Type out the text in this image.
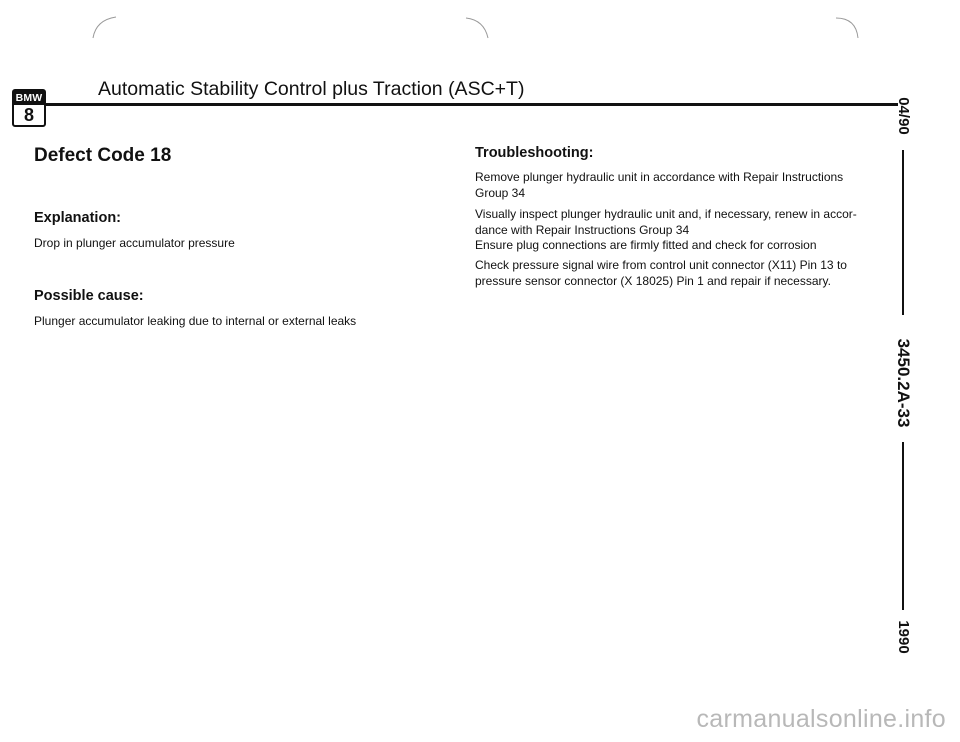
BMW
8
Automatic Stability Control plus Traction (ASC+T)
Defect Code 18
Explanation:
Drop in plunger accumulator pressure
Possible cause:
Plunger accumulator leaking due to internal or external leaks
Troubleshooting:
Remove plunger hydraulic unit in accordance with Repair Instructions
Group 34
Visually inspect plunger hydraulic unit and, if necessary, renew in accor-
dance with Repair Instructions Group 34
Ensure plug connections are firmly fitted and check for corrosion
Check pressure signal wire from control unit connector (X11) Pin 13 to
pressure sensor connector (X 18025) Pin 1 and repair if necessary.
04/90
3450.2A-33
1990
carmanualsonline.info
